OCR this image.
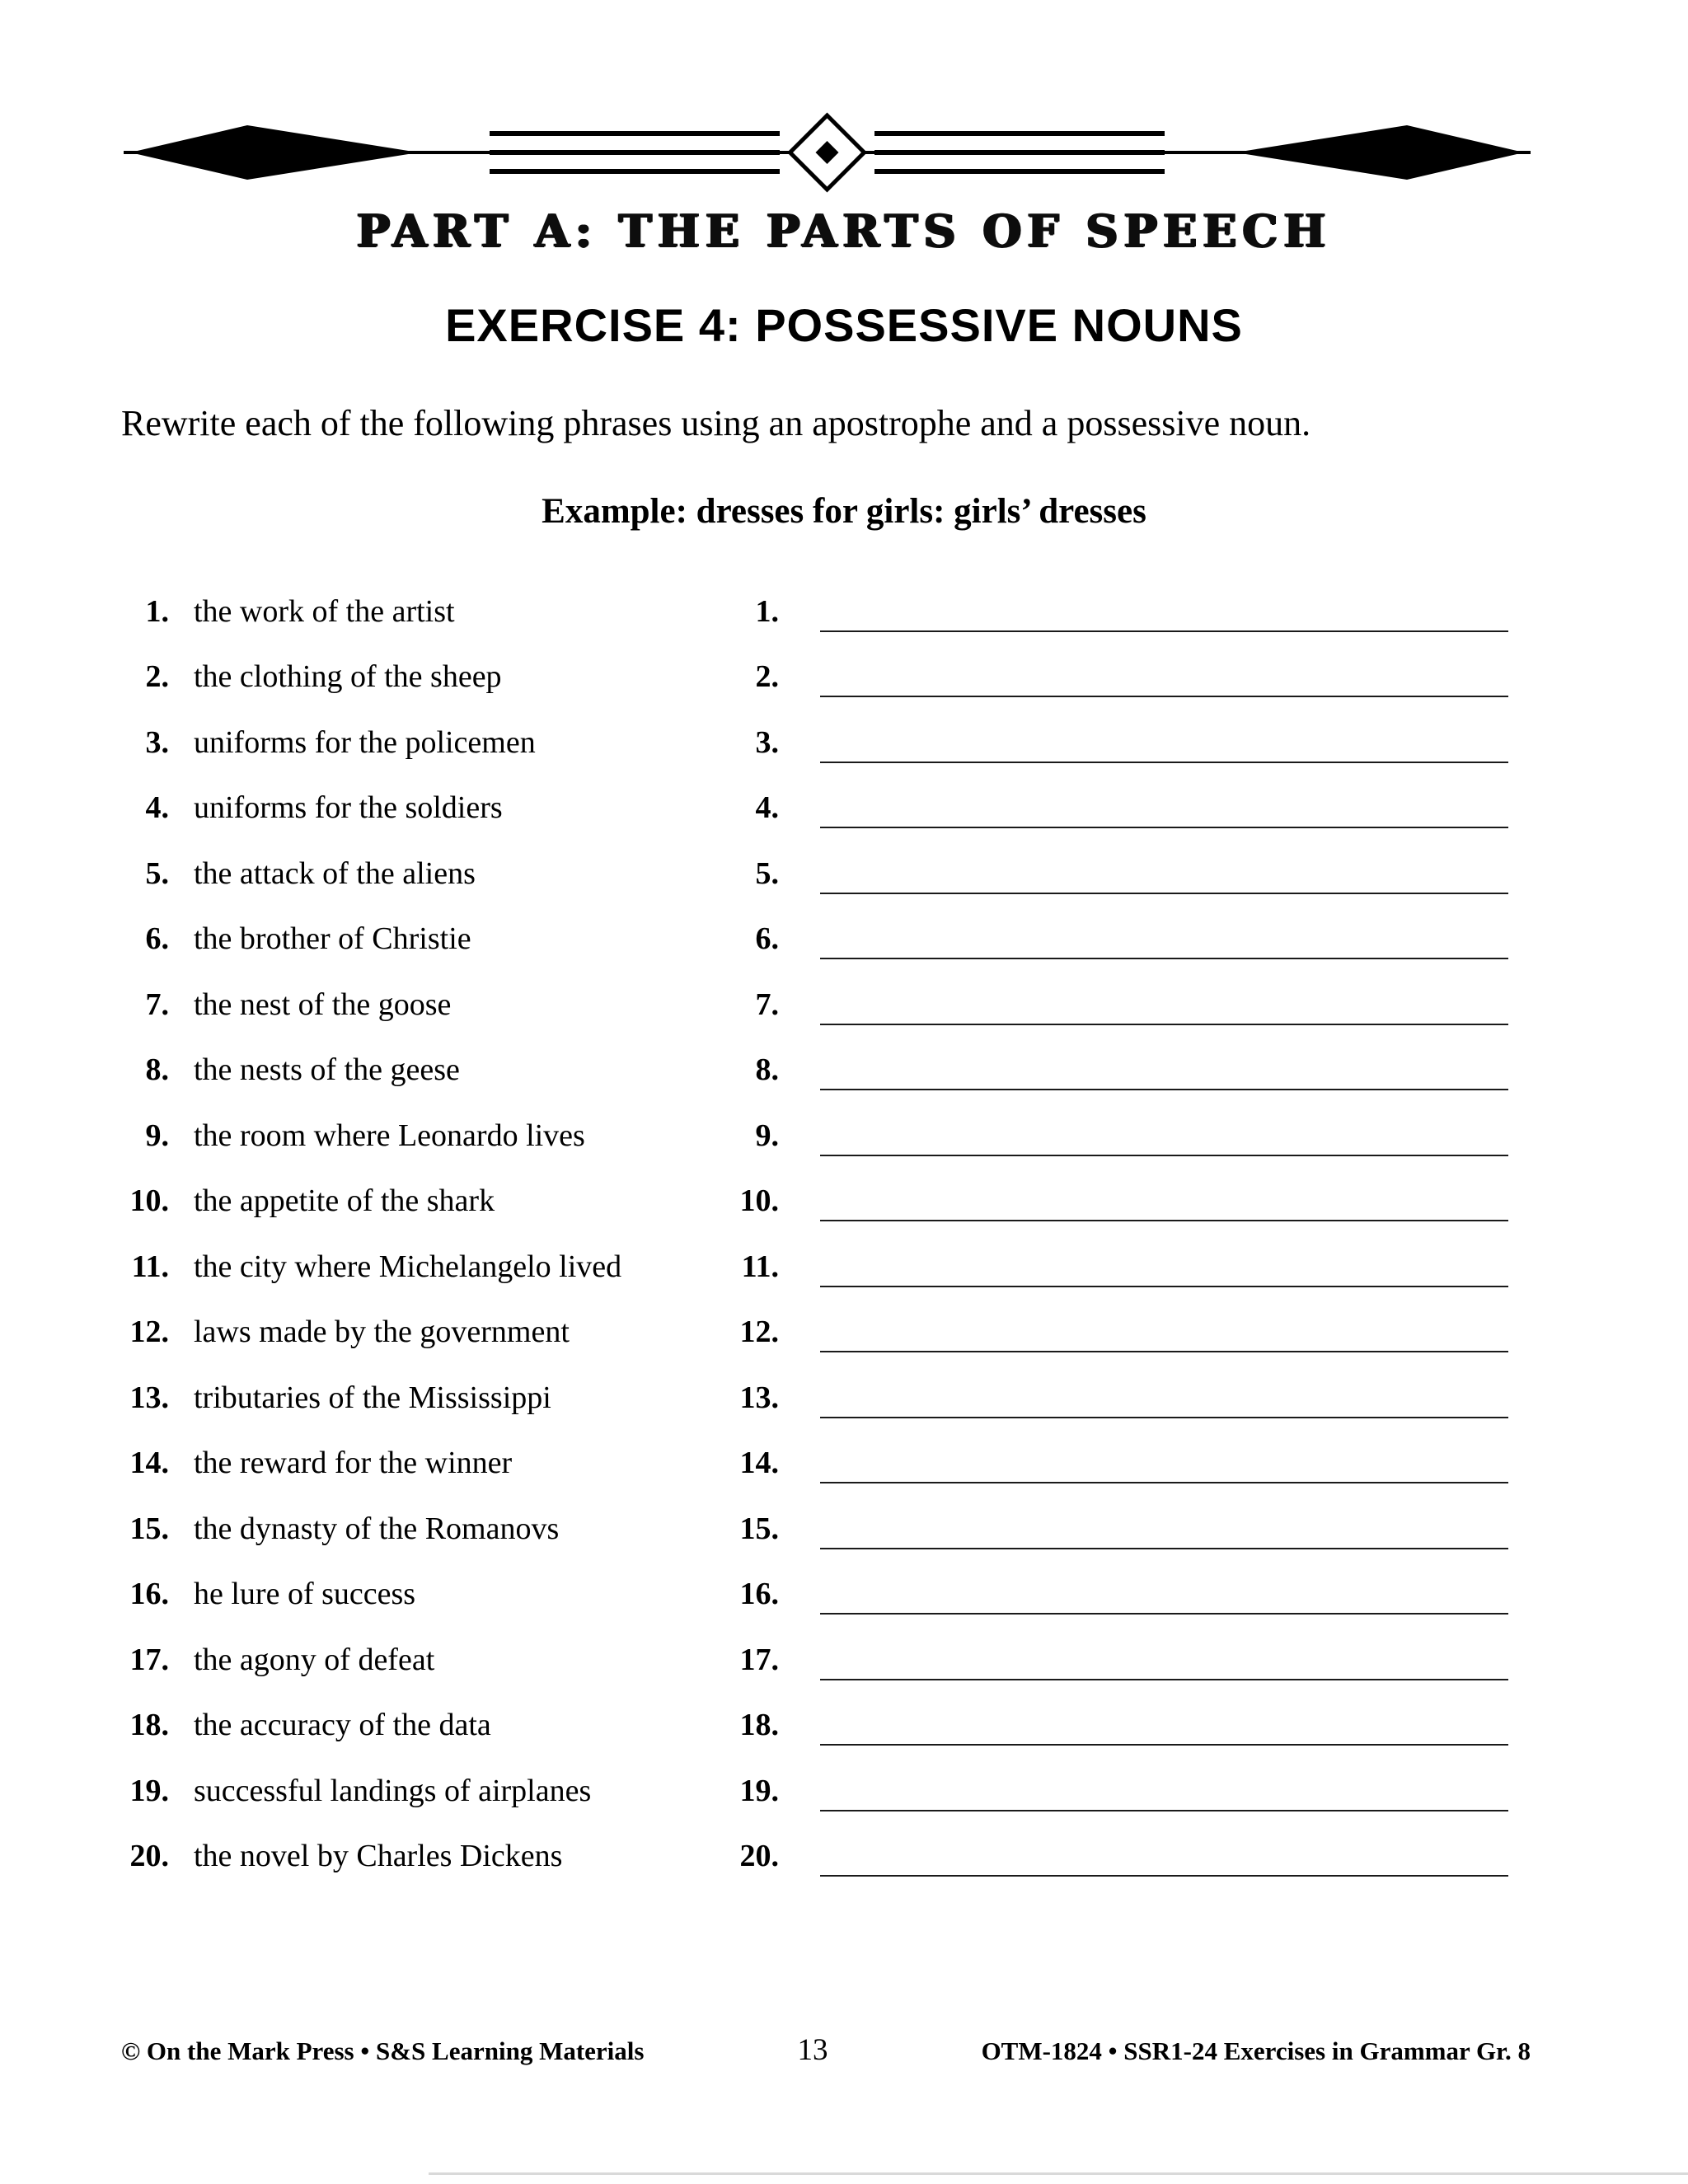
PART A: THE PARTS OF SPEECH
EXERCISE 4: POSSESSIVE NOUNS
Rewrite each of the following phrases using an apostrophe and a possessive noun.
Example: dresses for girls: girls’ dresses
1. the work of the artist	1.
2. the clothing of the sheep	2.
3. uniforms for the policemen	3.
4. uniforms for the soldiers	4.
5. the attack of the aliens	5.
6. the brother of Christie	6.
7. the nest of the goose	7.
8. the nests of the geese	8.
9. the room where Leonardo lives	9.
10. the appetite of the shark	10.
11. the city where Michelangelo lived	11.
12. laws made by the government	12.
13. tributaries of the Mississippi	13.
14. the reward for the winner	14.
15. the dynasty of the Romanovs	15.
16. he lure of success	16.
17. the agony of defeat	17.
18. the accuracy of the data	18.
19. successful landings of airplanes	19.
20. the novel by Charles Dickens	20.
© On the Mark Press • S&S Learning Materials	13	OTM-1824 • SSR1-24 Exercises in Grammar Gr. 8
